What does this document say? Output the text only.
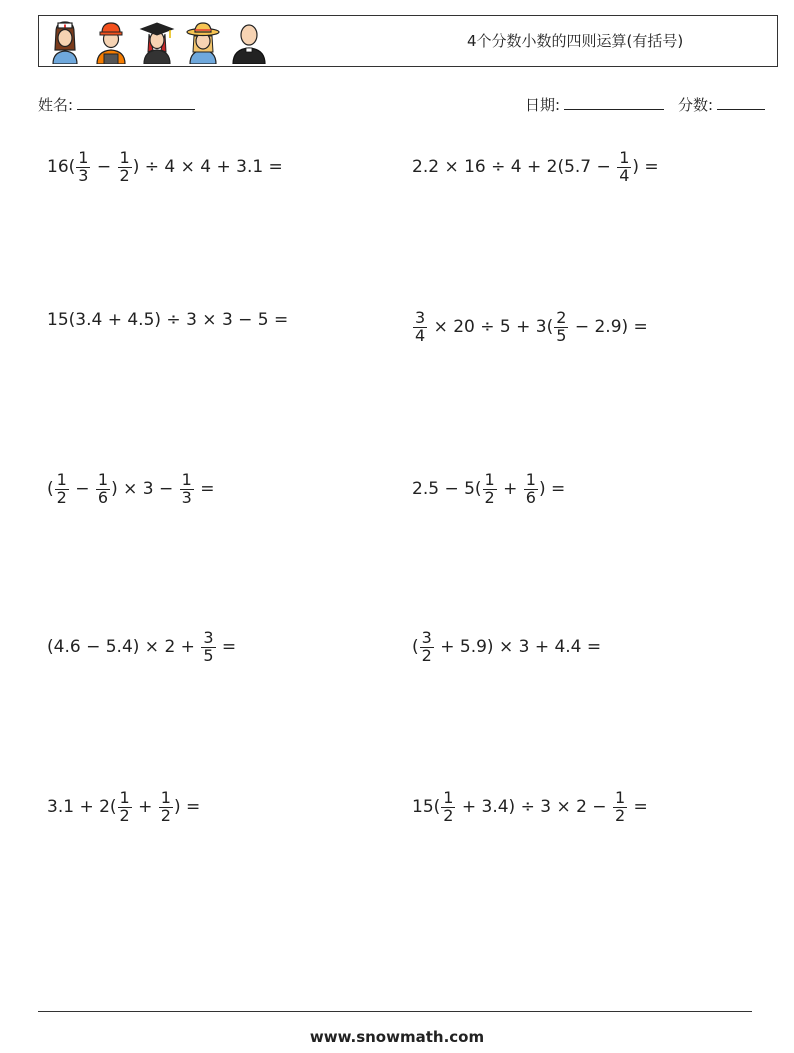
4个分数小数的四则运算(有括号)
姓名:	日期:	分数:
$16( \frac{1}{3} - \frac{1}{2}$ ) ÷ 4 × 4 + 3.1 =	$2.2 \times 16 \div 4 + 2(5.7 - \frac{1}{4}$ ) =
15(3.4 + 4.5) ÷ 3 × 3 − 5 =	$\frac{3}{4} \times 20 \div 5 + 3( \frac{2}{5} - 2.9)$ =
( $\frac{1}{2} - \frac{1}{6}$ ) × $3 - \frac{1}{3}$ =	$2.5 - 5( \frac{1}{2} + \frac{1}{6}$ ) =
$(4.6 - 5.4) \times 2 + \frac{3}{5}$ =	( $\frac{3}{2} + 5.9) \times 3 + 4.4$ =
$3.1 + 2( \frac{1}{2} + \frac{1}{2}$ ) =	$15( \frac{1}{2} + 3.4) \div 3 \times 2 - \frac{1}{2}$ =
www.snowmath.com
